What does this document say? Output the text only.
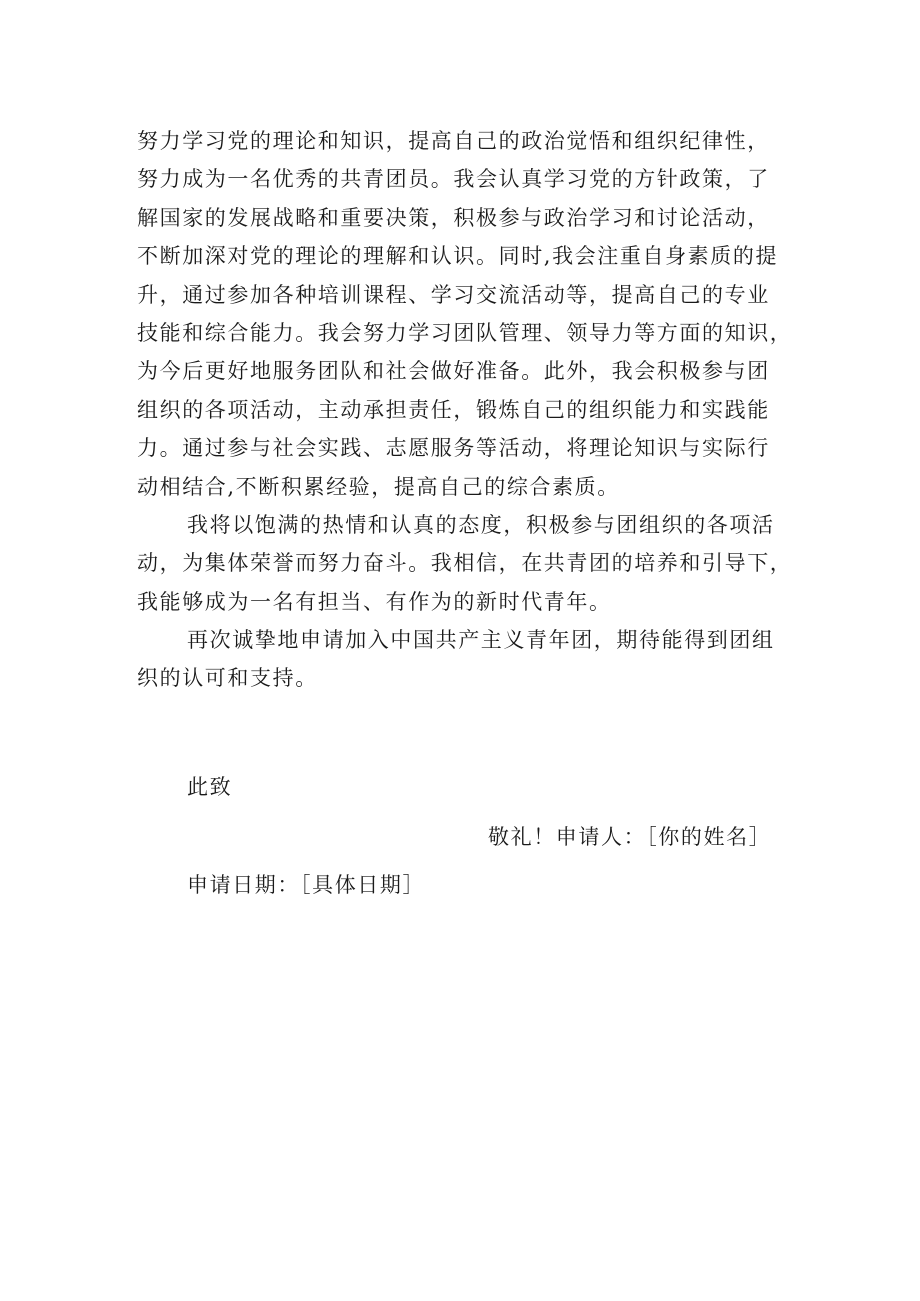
努力学习党的理论和知识，提高自己的政治觉悟和组织纪律性，
努力成为一名优秀的共青团员。我会认真学习党的方针政策，了
解国家的发展战略和重要决策，积极参与政治学习和讨论活动，
不断加深对党的理论的理解和认识。同时,我会注重自身素质的提
升，通过参加各种培训课程、学习交流活动等，提高自己的专业
技能和综合能力。我会努力学习团队管理、领导力等方面的知识，
为今后更好地服务团队和社会做好准备。此外，我会积极参与团
组织的各项活动，主动承担责任，锻炼自己的组织能力和实践能
力。通过参与社会实践、志愿服务等活动，将理论知识与实际行
动相结合,不断积累经验，提高自己的综合素质。
我将以饱满的热情和认真的态度，积极参与团组织的各项活
动，为集体荣誉而努力奋斗。我相信，在共青团的培养和引导下，
我能够成为一名有担当、有作为的新时代青年。
再次诚挚地申请加入中国共产主义青年团，期待能得到团组
织的认可和支持。
此致
敬礼！申请人：［你的姓名］
申请日期：［具体日期］
